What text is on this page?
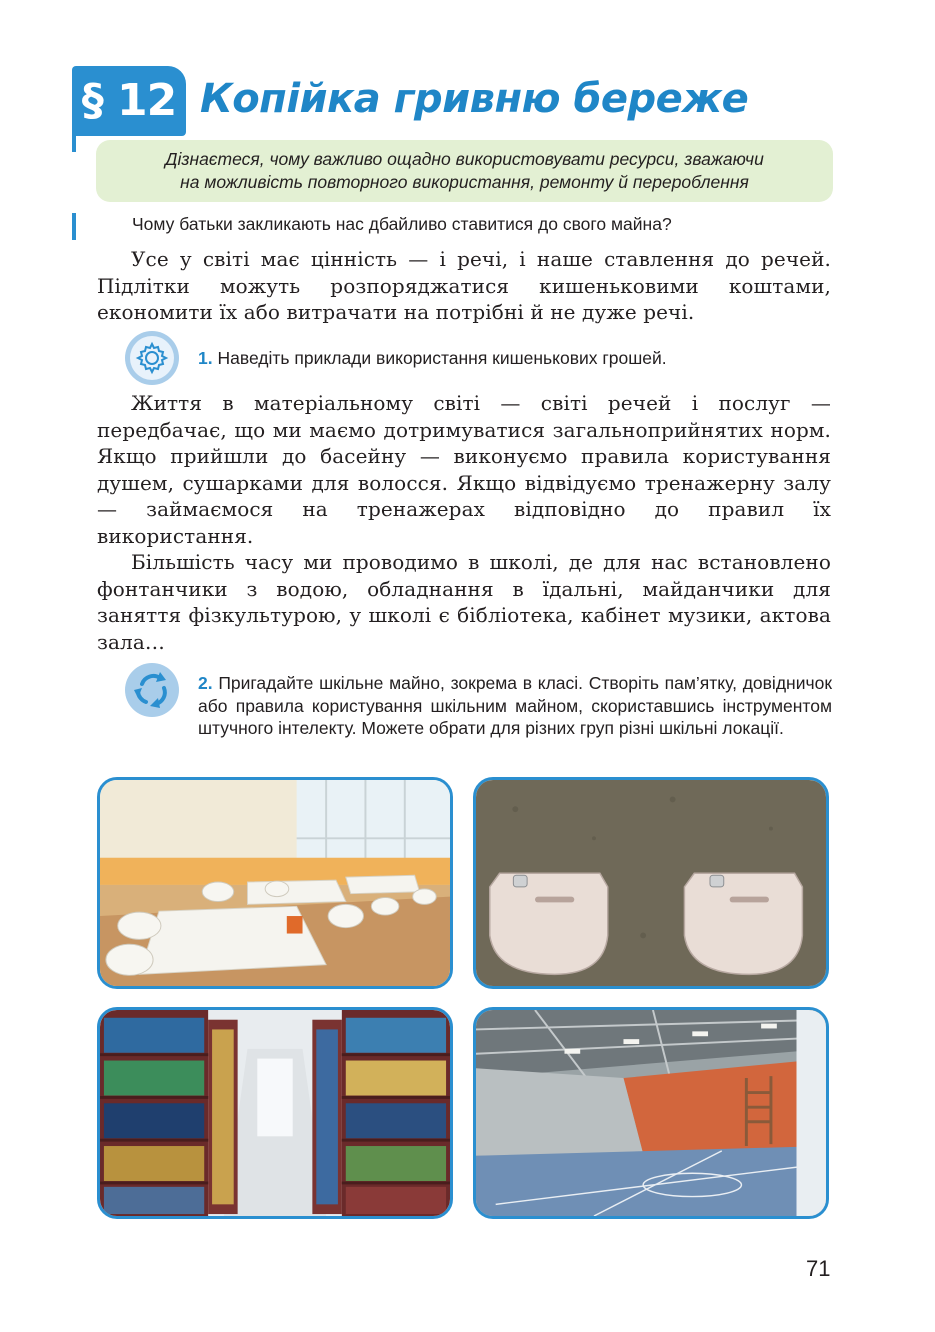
§ 12 Копійка гривню береже
Дізнаєтеся, чому важливо ощадно використовувати ресурси, зважаючи
на можливість повторного використання, ремонту й перероблення
Чому батьки закликають нас дбайливо ставитися до свого майна?

Усе у світі має цінність — і речі, і наше ставлення до речей. Підлітки можуть розпоряджатися кишеньковими коштами, економити їх або витрачати на потрібні й не дуже речі.

1. Наведіть приклади використання кишенькових грошей.

Життя в матеріальному світі — світі речей і послуг — передбачає, що ми маємо дотримуватися загальноприйнятих норм. Якщо прийшли до басейну — виконуємо правила користування душем, сушарками для волосся. Якщо відвідуємо тренажерну залу — займаємося на тренажерах відповідно до правил їх використання.

Більшість часу ми проводимо в школі, де для нас встановлено фонтанчики з водою, обладнання в їдальні, майданчики для заняття фізкультурою, у школі є бібліотека, кабінет музики, актова зала…

2. Пригадайте шкільне майно, зокрема в класі. Створіть пам’ятку, довідничок або правила користування шкільним майном, скориставшись інструментом штучного інтелекту. Можете обрати для різних груп різні шкільні локації.
71
